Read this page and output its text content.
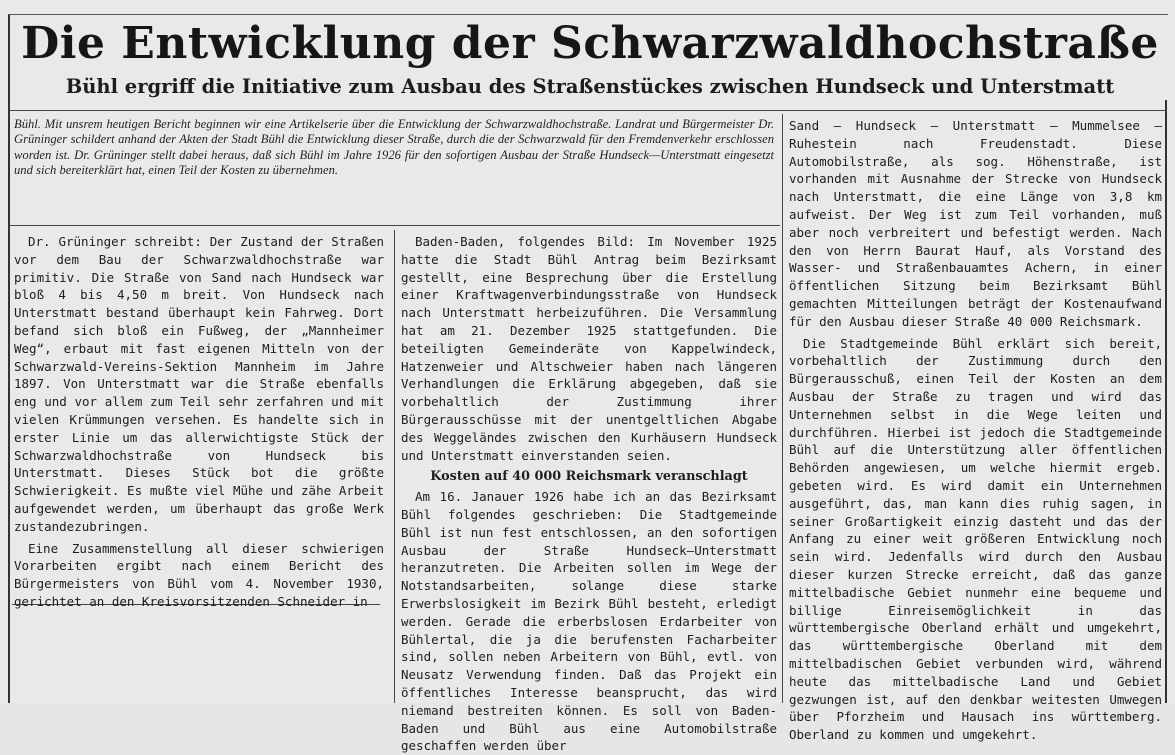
Die Entwicklung der Schwarzwaldhochstraße
Bühl ergriff die Initiative zum Ausbau des Straßenstückes zwischen Hundseck und Unterstmatt
Bühl. Mit unsrem heutigen Bericht beginnen wir eine Artikelserie über die Entwicklung der Schwarzwaldhochstraße. Landrat und Bürgermeister Dr. Grüninger schildert anhand der Akten der Stadt Bühl die Entwicklung dieser Straße, durch die der Schwarzwald für den Fremdenverkehr erschlossen worden ist. Dr. Grüninger stellt dabei heraus, daß sich Bühl im Jahre 1926 für den sofortigen Ausbau der Straße Hundseck—Unterstmatt eingesetzt und sich bereiterklärt hat, einen Teil der Kosten zu übernehmen.

Dr. Grüninger schreibt: Der Zustand der Straßen vor dem Bau der Schwarzwaldhochstraße war primitiv. Die Straße von Sand nach Hundseck war bloß 4 bis 4,50 m breit. Von Hundseck nach Unterstmatt bestand überhaupt kein Fahrweg. Dort befand sich bloß ein Fußweg, der „Mannheimer Weg“, erbaut mit fast eigenen Mitteln von der Schwarzwald-Vereins-Sektion Mannheim im Jahre 1897. Von Unterstmatt war die Straße ebenfalls eng und vor allem zum Teil sehr zerfahren und mit vielen Krümmungen versehen. Es handelte sich in erster Linie um das allerwichtigste Stück der Schwarzwaldhochstraße von Hundseck bis Unterstmatt. Dieses Stück bot die größte Schwierigkeit. Es mußte viel Mühe und zähe Arbeit aufgewendet werden, um überhaupt das große Werk zustandezubringen.

Eine Zusammenstellung all dieser schwierigen Vorarbeiten ergibt nach einem Bericht des Bürgermeisters von Bühl vom 4. November 1930, gerichtet an den Kreisvorsitzenden Schneider in

Baden-Baden, folgendes Bild: Im November 1925 hatte die Stadt Bühl Antrag beim Bezirksamt gestellt, eine Besprechung über die Erstellung einer Kraftwagenverbindungsstraße von Hundseck nach Unterstmatt herbeizuführen. Die Versammlung hat am 21. Dezember 1925 stattgefunden. Die beteiligten Gemeinderäte von Kappelwindeck, Hatzenweier und Altschweier haben nach längeren Verhandlungen die Erklärung abgegeben, daß sie vorbehaltlich der Zustimmung ihrer Bürgerausschüsse mit der unentgeltlichen Abgabe des Weggeländes zwischen den Kurhäusern Hundseck und Unterstmatt einverstanden seien.

Kosten auf 40 000 Reichsmark veranschlagt

Am 16. Janauer 1926 habe ich an das Bezirksamt Bühl folgendes geschrieben: Die Stadtgemeinde Bühl ist nun fest entschlossen, an den sofortigen Ausbau der Straße Hundseck—Unterstmatt heranzutreten. Die Arbeiten sollen im Wege der Notstandsarbeiten, solange diese starke Erwerbslosigkeit im Bezirk Bühl besteht, erledigt werden. Gerade die erberbslosen Erdarbeiter von Bühlertal, die ja die berufensten Facharbeiter sind, sollen neben Arbeitern von Bühl, evtl. von Neusatz Verwendung finden. Daß das Projekt ein öffentliches Interesse beansprucht, das wird niemand bestreiten können. Es soll von Baden-Baden und Bühl aus eine Automobilstraße geschaffen werden über

Sand — Hundseck — Unterstmatt — Mummelsee — Ruhestein nach Freudenstadt. Diese Automobilstraße, als sog. Höhenstraße, ist vorhanden mit Ausnahme der Strecke von Hundseck nach Unterstmatt, die eine Länge von 3,8 km aufweist. Der Weg ist zum Teil vorhanden, muß aber noch verbreitert und befestigt werden. Nach den von Herrn Baurat Hauf, als Vorstand des Wasser- und Straßenbauamtes Achern, in einer öffentlichen Sitzung beim Bezirksamt Bühl gemachten Mitteilungen beträgt der Kostenaufwand für den Ausbau dieser Straße 40 000 Reichsmark.

Die Stadtgemeinde Bühl erklärt sich bereit, vorbehaltlich der Zustimmung durch den Bürgerausschuß, einen Teil der Kosten an dem Ausbau der Straße zu tragen und wird das Unternehmen selbst in die Wege leiten und durchführen. Hierbei ist jedoch die Stadtgemeinde Bühl auf die Unterstützung aller öffentlichen Behörden angewiesen, um welche hiermit ergeb. gebeten wird. Es wird damit ein Unternehmen ausgeführt, das, man kann dies ruhig sagen, in seiner Großartigkeit einzig dasteht und das der Anfang zu einer weit größeren Entwicklung noch sein wird. Jedenfalls wird durch den Ausbau dieser kurzen Strecke erreicht, daß das ganze mittelbadische Gebiet nunmehr eine bequeme und billige Einreisemöglichkeit in das württembergische Oberland erhält und umgekehrt, das württembergische Oberland mit dem mittelbadischen Gebiet verbunden wird, während heute das mittelbadische Land und Gebiet gezwungen ist, auf den denkbar weitesten Umwegen über Pforzheim und Hausach ins württemberg. Oberland zu kommen und umgekehrt.
